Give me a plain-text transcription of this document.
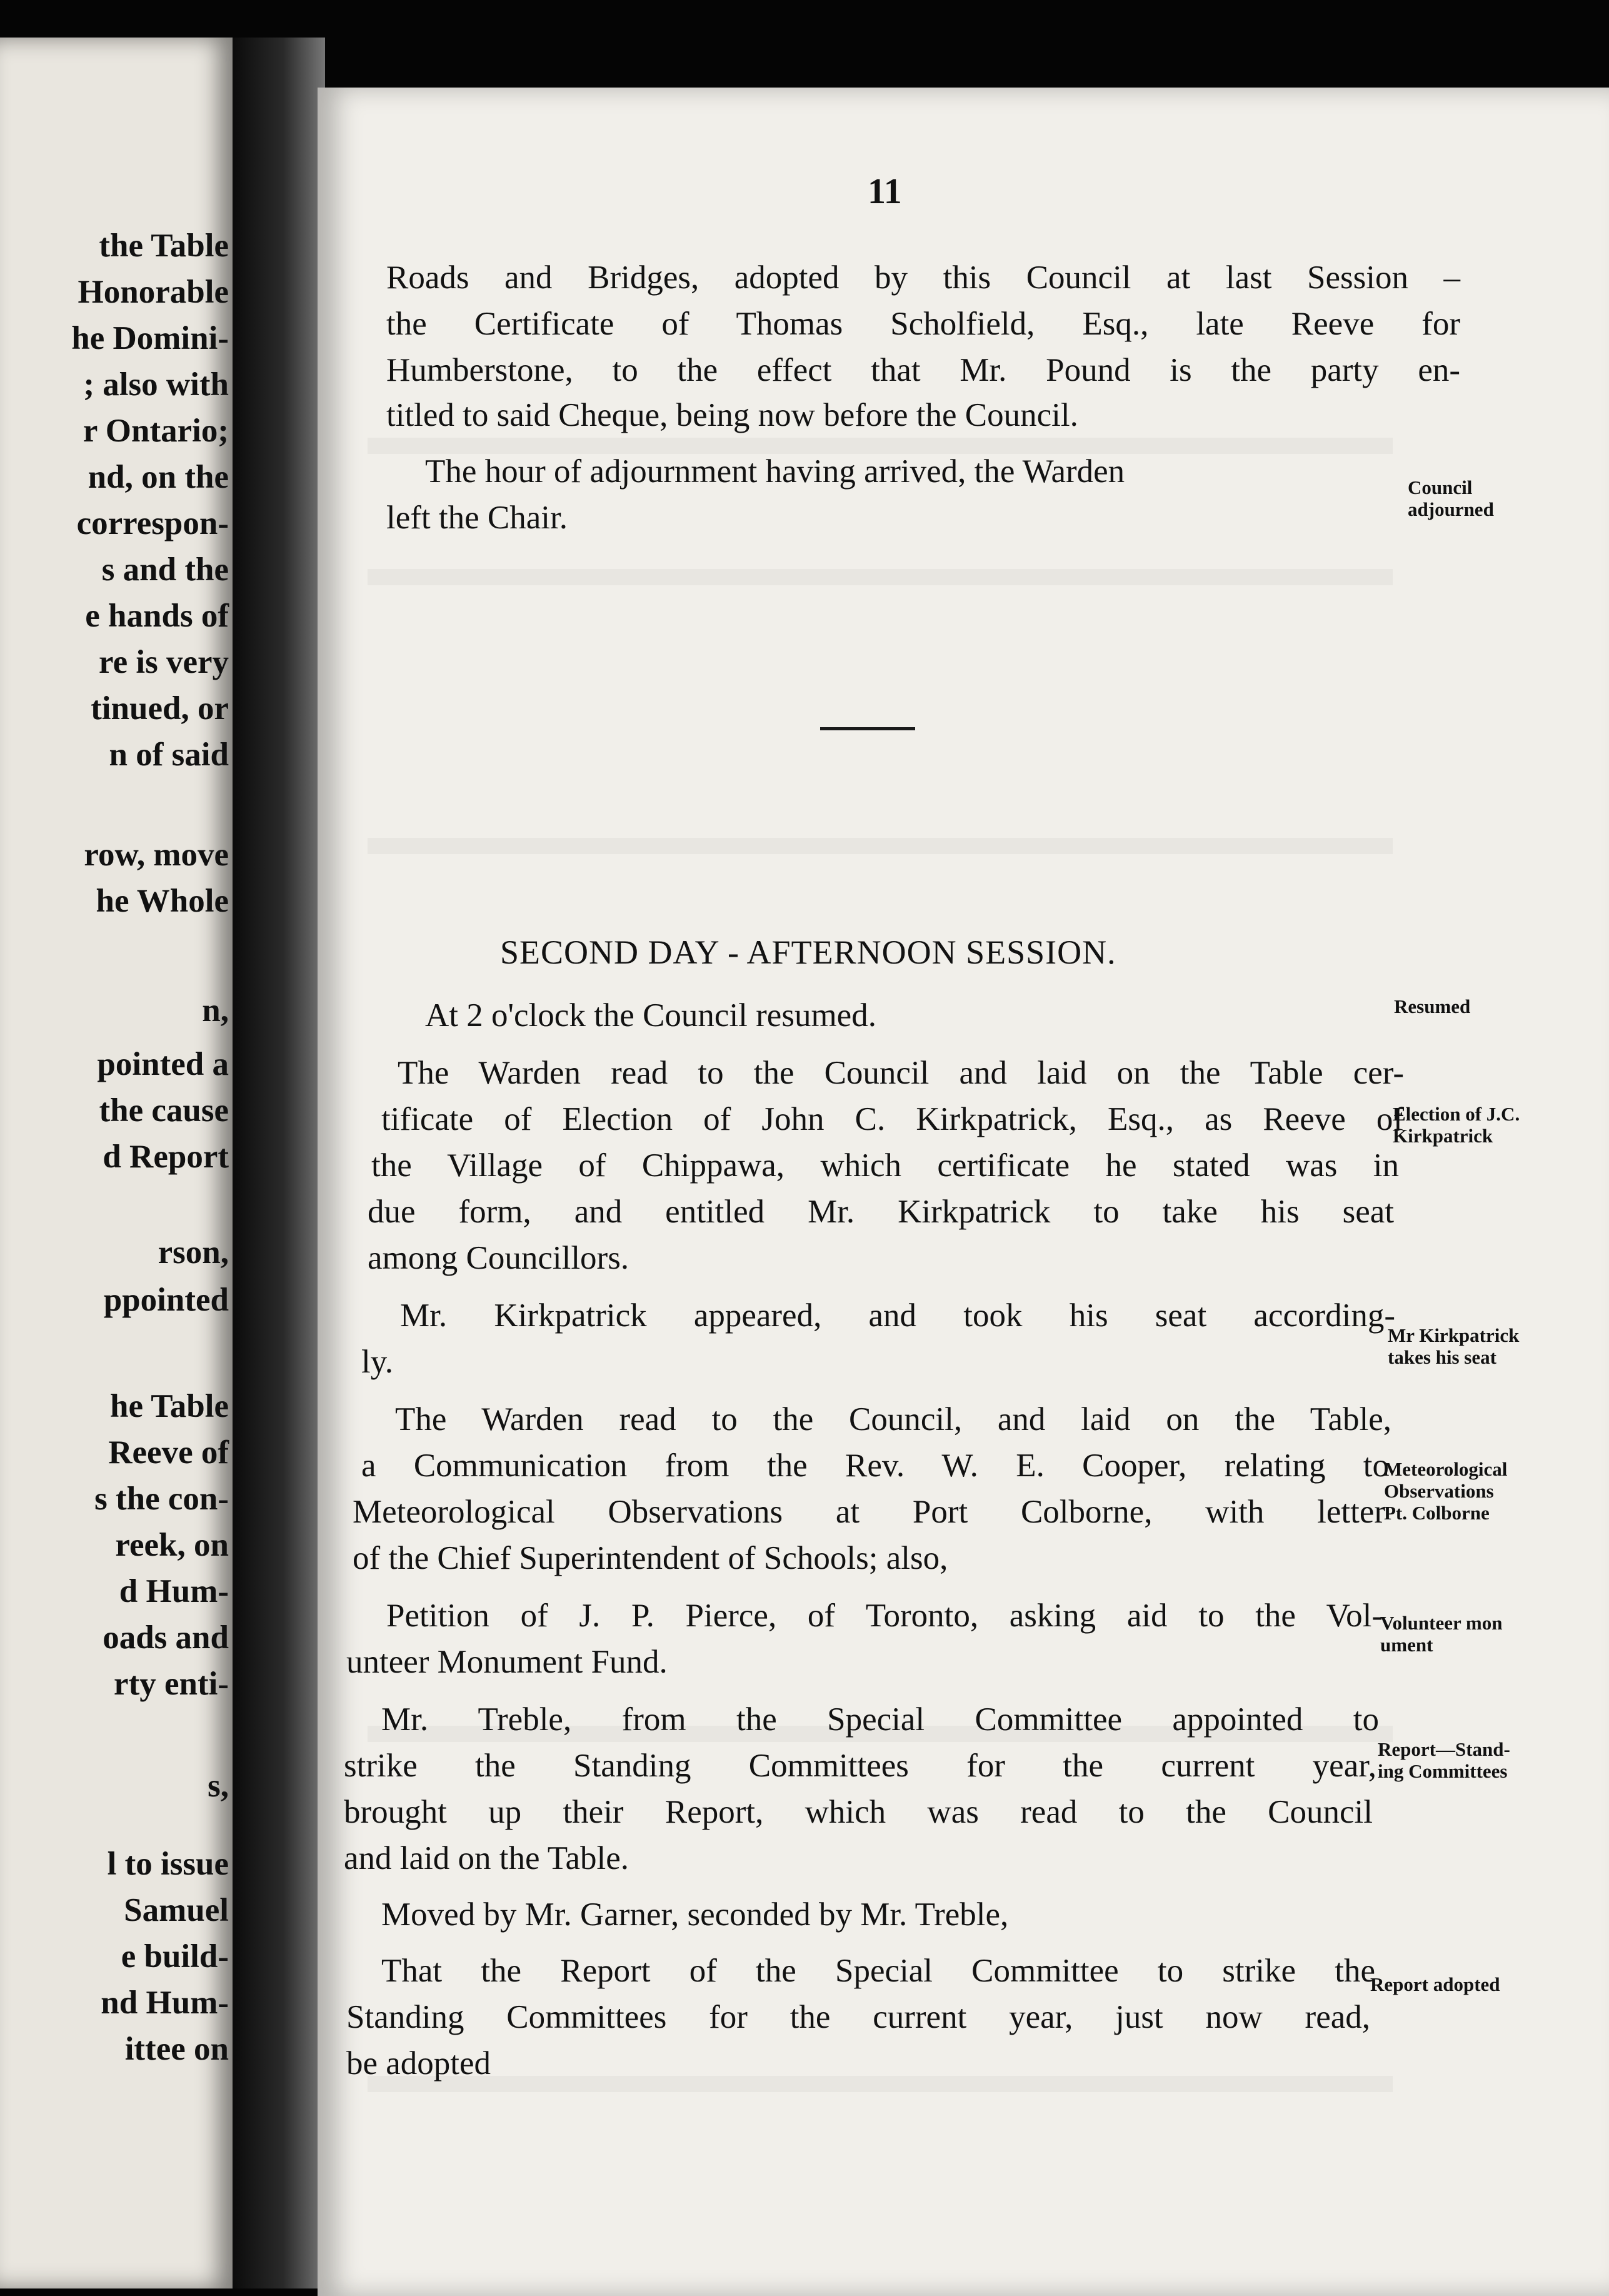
the Table
Honorable
he Domini-
; also with
r Ontario;
nd, on the
correspon-
s and the
e hands of
re is very
tinued, or
n of said
row, move
he Whole
n,
pointed a
the cause
d Report
rson,
ppointed
he Table
Reeve of
s the con-
reek, on
d Hum-
oads and
rty enti-
s,
l to issue
Samuel
e build-
nd Hum-
ittee on
11
Roads and Bridges, adopted by this Council at last Session –
the Certificate of Thomas Scholfield, Esq., late Reeve for
Humberstone, to the effect that Mr. Pound is the party en-
titled to said Cheque, being now before the Council.
The hour of adjournment having arrived, the Warden
left the Chair.
SECOND DAY - AFTERNOON SESSION.
At 2 o'clock the Council resumed.
The Warden read to the Council and laid on the Table cer-
tificate of Election of John C. Kirkpatrick, Esq., as Reeve of
the Village of Chippawa, which certificate he stated was in
due form, and entitled Mr. Kirkpatrick to take his seat
among Councillors.
Mr. Kirkpatrick appeared, and took his seat according-
ly.
The Warden read to the Council, and laid on the Table,
a Communication from the Rev. W. E. Cooper, relating to
Meteorological Observations at Port Colborne, with letter
of the Chief Superintendent of Schools; also,
Petition of J. P. Pierce, of Toronto, asking aid to the Vol-
unteer Monument Fund.
Mr. Treble, from the Special Committee appointed to
strike the Standing Committees for the current year,
brought up their Report, which was read to the Council
and laid on the Table.
Moved by Mr. Garner, seconded by Mr. Treble,
That the Report of the Special Committee to strike the
Standing Committees for the current year, just now read,
be adopted
Council
adjourned
Resumed
Election of J.C.
Kirkpatrick
Mr Kirkpatrick
takes his seat
Meteorological
Observations
Pt. Colborne
Volunteer mon
ument
Report—Stand-
ing Committees
Report adopted
